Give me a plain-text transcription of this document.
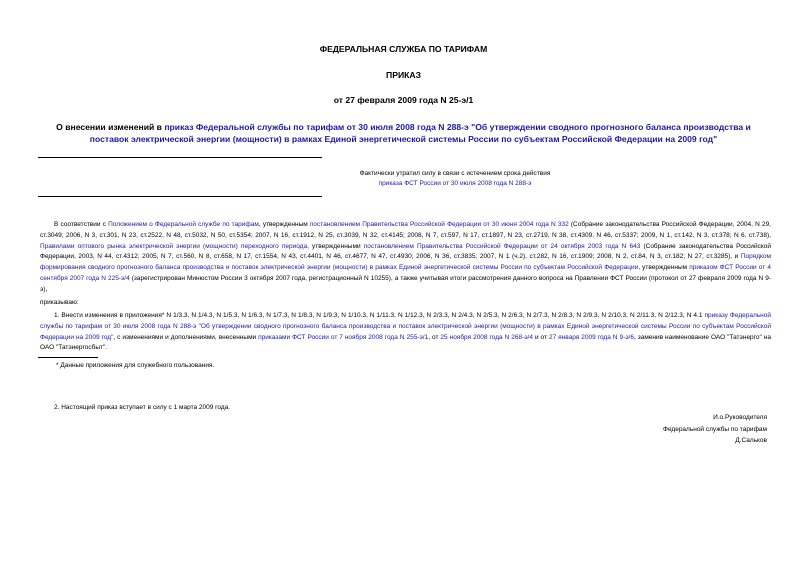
ФЕДЕРАЛЬНАЯ СЛУЖБА ПО ТАРИФАМ
ПРИКАЗ
от 27 февраля 2009 года N 25-э/1
О внесении изменений в приказ Федеральной службы по тарифам от 30 июля 2008 года N 288-э "Об утверждении сводного прогнозного баланса производства и поставок электрической энергии (мощности) в рамках Единой энергетической системы России по субъектам Российской Федерации на 2009 год"
Фактически утратил силу в связи с истечением срока действия
приказа ФСТ России от 30 июля 2008 года N 288-э
В соответствии с Положением о Федеральной службе по тарифам, утвержденным постановлением Правительства Российской Федерации от 30 июня 2004 года N 332 (Собрание законодательства Российской Федерации, 2004, N 29, ст.3049; 2006, N 3, ст.301, N 23, ст.2522, N 48, ст.5032, N 50, ст.5354; 2007, N 16, ст.1912, N 25, ст.3039, N 32, ст.4145; 2008, N 7, ст.597, N 17, ст.1897, N 23, ст.2719, N 38, ст.4309, N 46, ст.5337; 2009, N 1, ст.142, N 3, ст.378; N 6, ст.738), Правилами оптового рынка электрической энергии (мощности) переходного периода, утвержденными постановлением Правительства Российской Федерации от 24 октября 2003 года N 643 (Собрание законодательства Российской Федерации, 2003, N 44, ст.4312; 2005, N 7, ст.560, N 8, ст.658, N 17, ст.1554, N 43, ст.4401, N 46, ст.4677, N 47, ст.4930; 2006, N 36, ст.3835; 2007, N 1 (ч.2), ст.282, N 16, ст.1909; 2008, N 2, ст.84, N 3, ст.182; N 27, ст.3285), и Порядком формирования сводного прогнозного баланса производства и поставок электрической энергии (мощности) в рамках Единой энергетической системы России по субъектам Российской Федерации, утвержденным приказом ФСТ России от 4 сентября 2007 года N 225-э/4 (зарегистрирован Минюстом России 3 октября 2007 года, регистрационный N 10255), а также учитывая итоги рассмотрения данного вопроса на Правлении ФСТ России (протокол от 27 февраля 2009 года N 9-э),
приказываю:
1. Внести изменения в приложения* N 1/3.3, N 1/4.3, N 1/5.3, N 1/6.3, N 1/7.3, N 1/8.3, N 1/9.3, N 1/10.3, N 1/11.3, N 1/12.3, N 2/3.3, N 2/4.3, N 2/5.3, N 2/6.3, N 2/7.3, N 2/8.3, N 2/9.3, N 2/10.3, N 2/11.3, N 2/12.3, N 4.1 приказу Федеральной службы по тарифам от 30 июля 2008 года N 288-э "Об утверждении сводного прогнозного баланса производства и поставок электрической энергии (мощности) в рамках Единой энергетической системы России по субъектам Российской Федерации на 2009 год", с изменениями и дополнениями, внесенными приказами ФСТ России от 7 ноября 2008 года N 255-э/1, от 25 ноября 2008 года N 268-э/4 и от 27 января 2009 года N 9-э/6, заменив наименование ОАО "Татэнерго" на ОАО "Татэнергосбыт".
* Данные приложения для служебного пользования.
2. Настоящий приказ вступает в силу с 1 марта 2009 года.
И.о.Руководителя
Федеральной службы по тарифам
Д.Сальков
